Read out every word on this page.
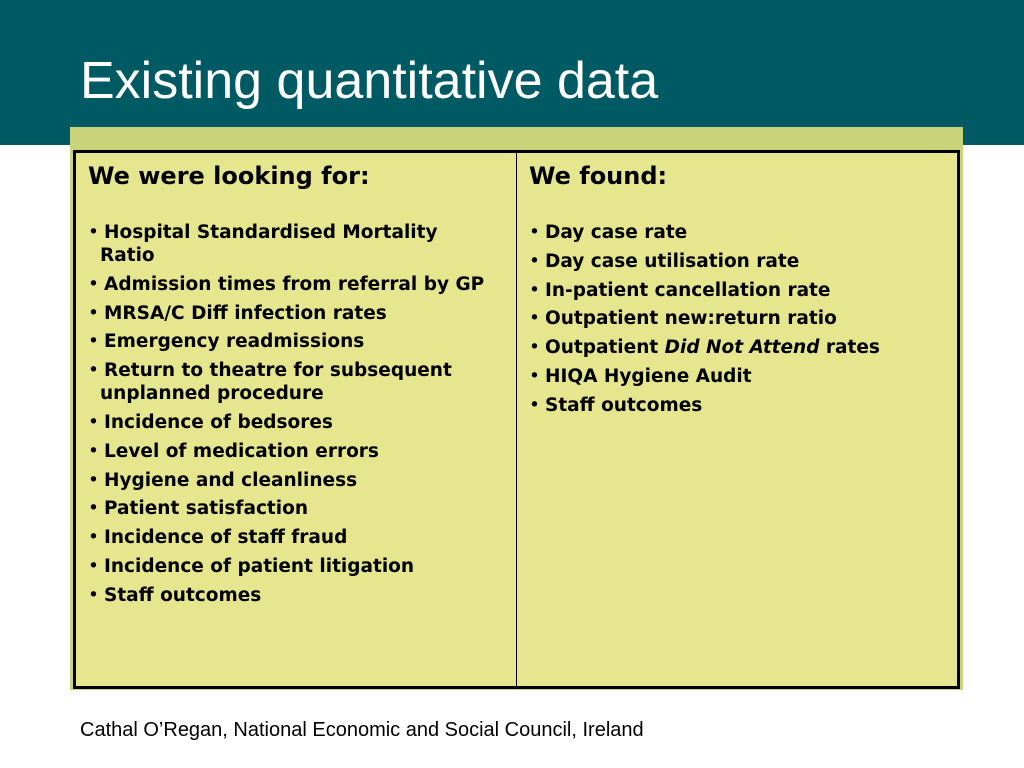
Existing quantitative data
We were looking for:
• Hospital Standardised Mortality
Ratio
• Admission times from referral by GP
• MRSA/C Diff infection rates
• Emergency readmissions
• Return to theatre for subsequent
unplanned procedure
• Incidence of bedsores
• Level of medication errors
• Hygiene and cleanliness
• Patient satisfaction
• Incidence of staff fraud
• Incidence of patient litigation
• Staff outcomes
We found:
• Day case rate
• Day case utilisation rate
• In-patient cancellation rate
• Outpatient new:return ratio
• Outpatient Did Not Attend rates
• HIQA Hygiene Audit
• Staff outcomes
Cathal O’Regan, National Economic and Social Council, Ireland
